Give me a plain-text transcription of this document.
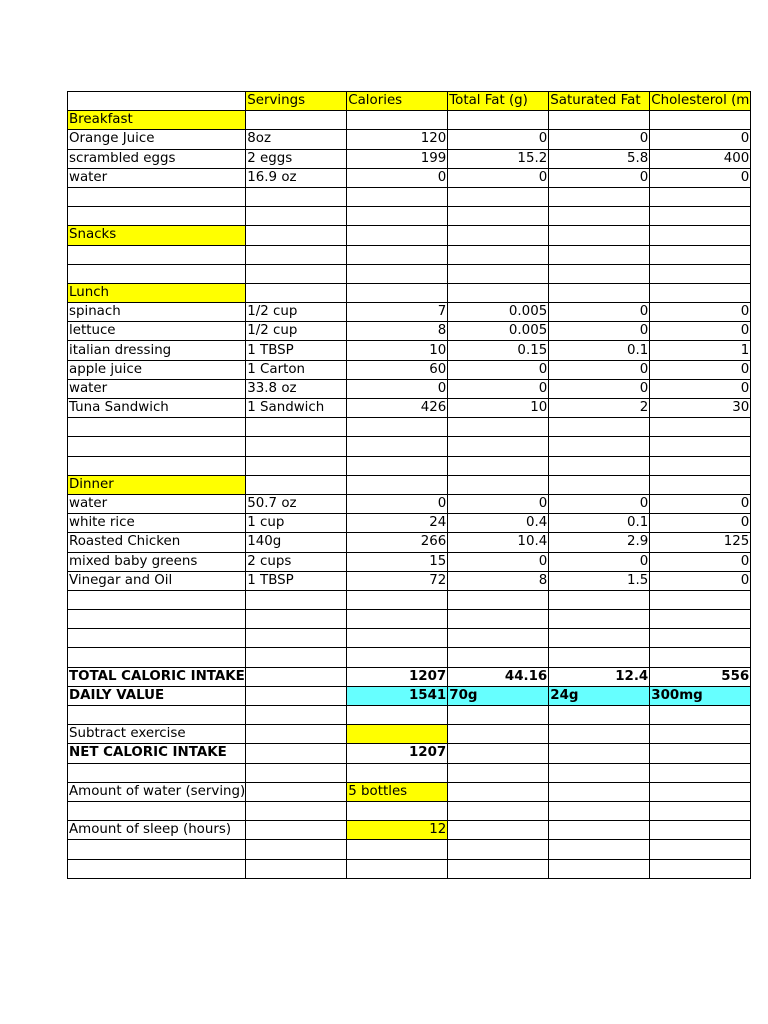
	Servings	Calories	Total Fat (g)	Saturated Fat	Cholesterol (m
Breakfast					
Orange Juice	8oz	120	0	0	0
scrambled eggs	2 eggs	199	15.2	5.8	400
water	16.9 oz	0	0	0	0

Snacks					

Lunch					
spinach	1/2 cup	7	0.005	0	0
lettuce	1/2 cup	8	0.005	0	0
italian dressing	1 TBSP	10	0.15	0.1	1
apple juice	1 Carton	60	0	0	0
water	33.8 oz	0	0	0	0
Tuna Sandwich	1 Sandwich	426	10	2	30

Dinner					
water	50.7 oz	0	0	0	0
white rice	1 cup	24	0.4	0.1	0
Roasted Chicken	140g	266	10.4	2.9	125
mixed baby greens	2 cups	15	0	0	0
Vinegar and Oil	1 TBSP	72	8	1.5	0

TOTAL CALORIC INTAKE		1207	44.16	12.4	556
DAILY VALUE		1541	70g	24g	300mg

Subtract exercise					
NET CALORIC INTAKE		1207			

Amount of water (serving)		5 bottles			

Amount of sleep (hours)		12			
